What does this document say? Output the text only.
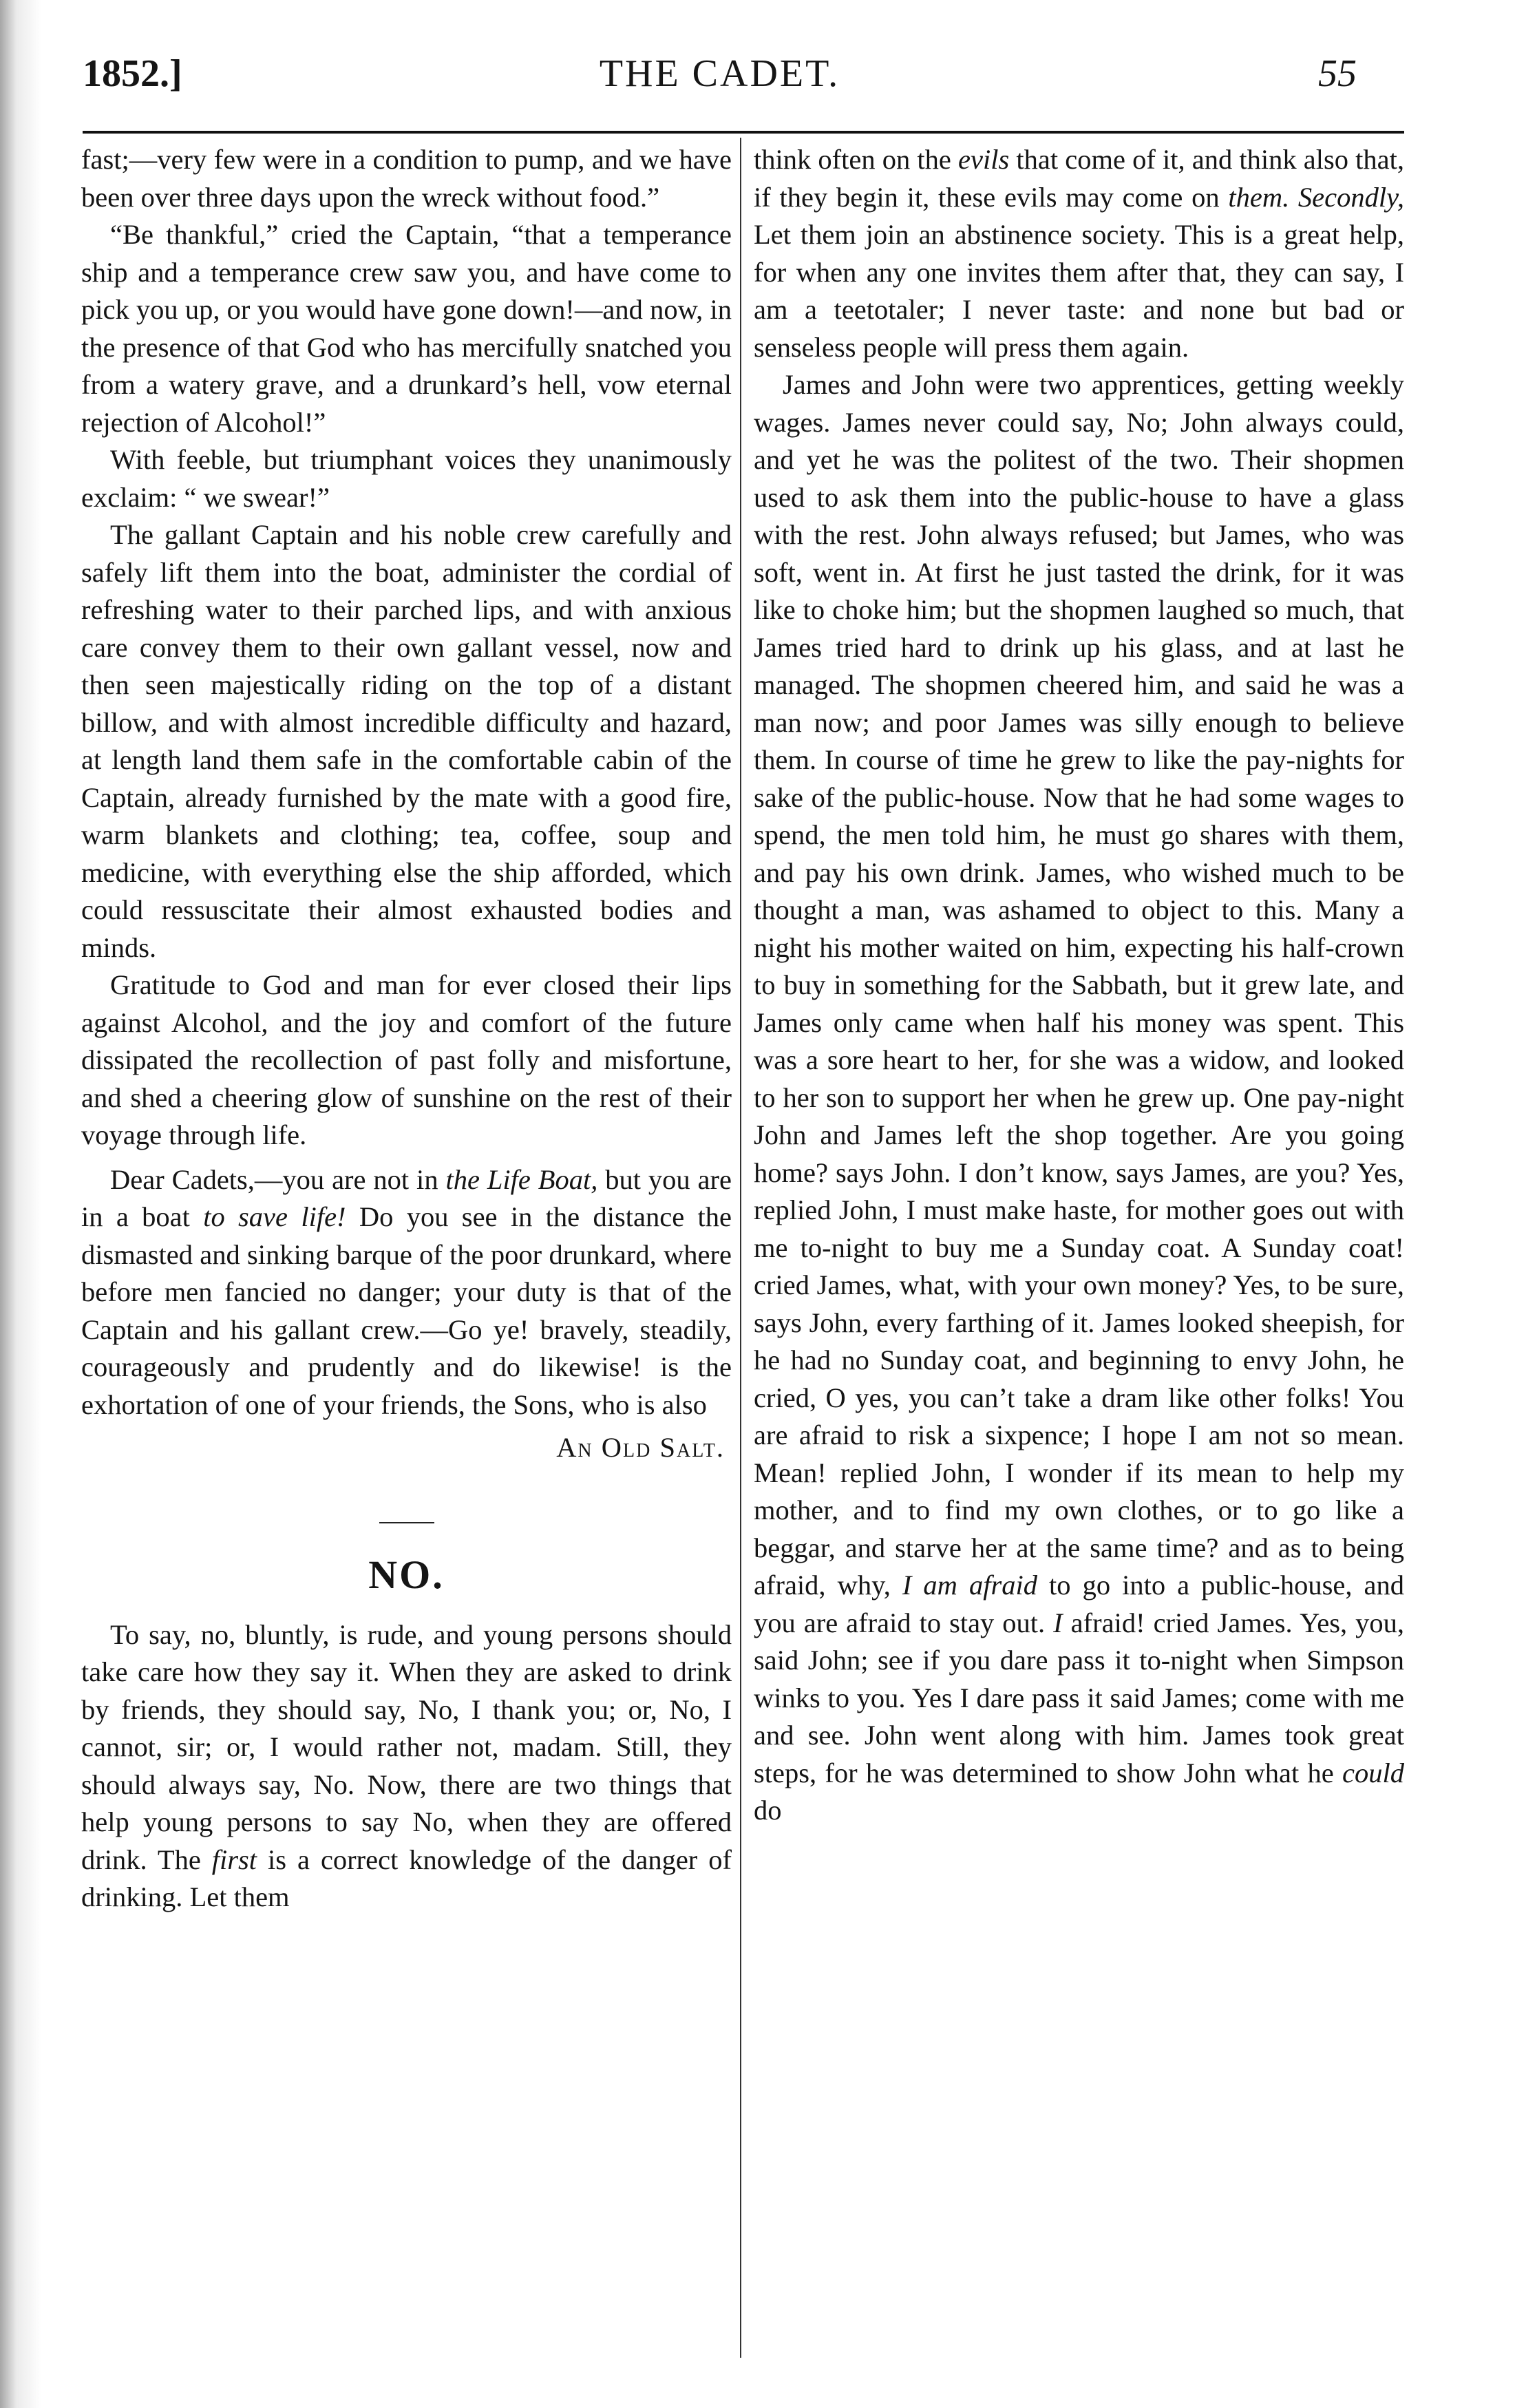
1852.]	THE CADET.	55

fast;—very few were in a condition to pump, and we have been over three days upon the wreck without food.”

“Be thankful,” cried the Captain, “that a temperance ship and a temperance crew saw you, and have come to pick you up, or you would have gone down!—and now, in the presence of that God who has mercifully snatched you from a watery grave, and a drunkard’s hell, vow eternal rejection of Alcohol!”

With feeble, but triumphant voices they unanimously exclaim: “ we swear!”

The gallant Captain and his noble crew carefully and safely lift them into the boat, administer the cordial of refreshing water to their parched lips, and with anxious care convey them to their own gallant vessel, now and then seen majestically riding on the top of a distant billow, and with almost incredible difficulty and hazard, at length land them safe in the comfortable cabin of the Captain, already furnished by the mate with a good fire, warm blankets and clothing; tea, coffee, soup and medicine, with everything else the ship afforded, which could ressuscitate their almost exhausted bodies and minds.

Gratitude to God and man for ever closed their lips against Alcohol, and the joy and comfort of the future dissipated the recollection of past folly and misfortune, and shed a cheering glow of sunshine on the rest of their voyage through life.

Dear Cadets,—you are not in the Life Boat, but you are in a boat to save life! Do you see in the distance the dismasted and sinking barque of the poor drunkard, where before men fancied no danger; your duty is that of the Captain and his gallant crew.—Go ye! bravely, steadily, courageously and prudently and do likewise! is the exhortation of one of your friends, the Sons, who is also

An Old Salt.

NO.

To say, no, bluntly, is rude, and young persons should take care how they say it. When they are asked to drink by friends, they should say, No, I thank you; or, No, I cannot, sir; or, I would rather not, madam. Still, they should always say, No. Now, there are two things that help young persons to say No, when they are offered drink. The first is a correct knowledge of the danger of drinking. Let them

think often on the evils that come of it, and think also that, if they begin it, these evils may come on them. Secondly, Let them join an abstinence society. This is a great help, for when any one invites them after that, they can say, I am a teetotaler; I never taste: and none but bad or senseless people will press them again.

James and John were two apprentices, getting weekly wages. James never could say, No; John always could, and yet he was the politest of the two. Their shopmen used to ask them into the public-house to have a glass with the rest. John always refused; but James, who was soft, went in. At first he just tasted the drink, for it was like to choke him; but the shopmen laughed so much, that James tried hard to drink up his glass, and at last he managed. The shopmen cheered him, and said he was a man now; and poor James was silly enough to believe them. In course of time he grew to like the pay-nights for sake of the public-house. Now that he had some wages to spend, the men told him, he must go shares with them, and pay his own drink. James, who wished much to be thought a man, was ashamed to object to this. Many a night his mother waited on him, expecting his half-crown to buy in something for the Sabbath, but it grew late, and James only came when half his money was spent. This was a sore heart to her, for she was a widow, and looked to her son to support her when he grew up. One pay-night John and James left the shop together. Are you going home? says John. I don’t know, says James, are you? Yes, replied John, I must make haste, for mother goes out with me to-night to buy me a Sunday coat. A Sunday coat! cried James, what, with your own money? Yes, to be sure, says John, every farthing of it. James looked sheepish, for he had no Sunday coat, and beginning to envy John, he cried, O yes, you can’t take a dram like other folks! You are afraid to risk a sixpence; I hope I am not so mean. Mean! replied John, I wonder if its mean to help my mother, and to find my own clothes, or to go like a beggar, and starve her at the same time? and as to being afraid, why, I am afraid to go into a public-house, and you are afraid to stay out. I afraid! cried James. Yes, you, said John; see if you dare pass it to-night when Simpson winks to you. Yes I dare pass it said James; come with me and see. John went along with him. James took great steps, for he was determined to show John what he could do
